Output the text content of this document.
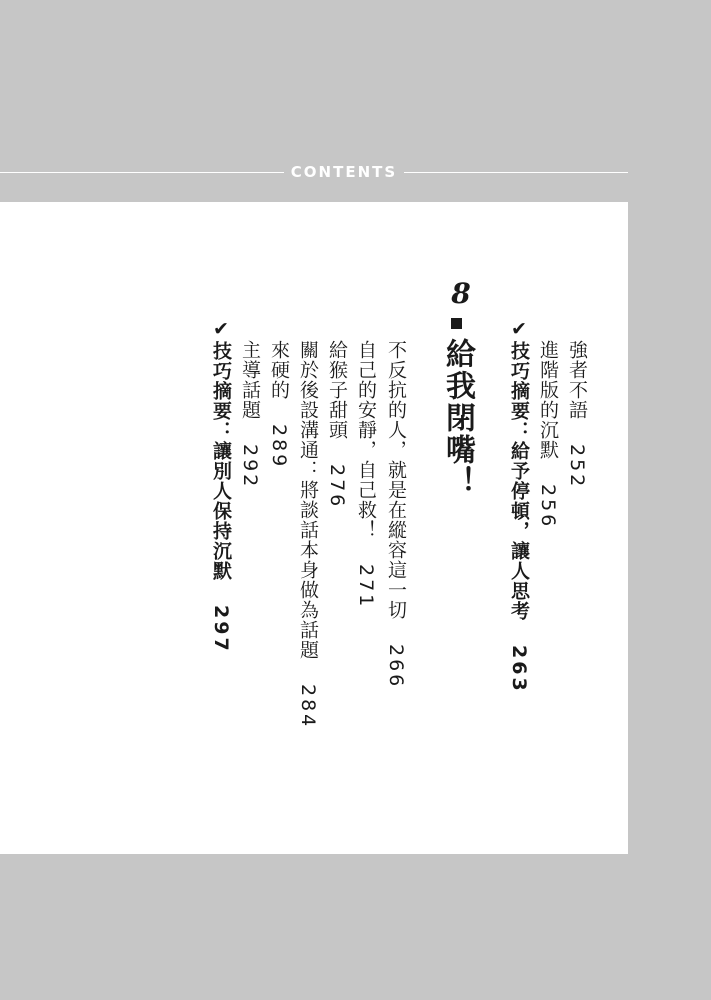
CONTENTS
強者不語252
進階版的沉默256
✔技巧摘要：給予停頓，讓人思考263
8
給我閉嘴！
不反抗的人，就是在縱容這一切266
自己的安靜，自己救！271
給猴子甜頭276
關於後設溝通：將談話本身做為話題284
來硬的289
主導話題292
✔技巧摘要：讓別人保持沉默297
